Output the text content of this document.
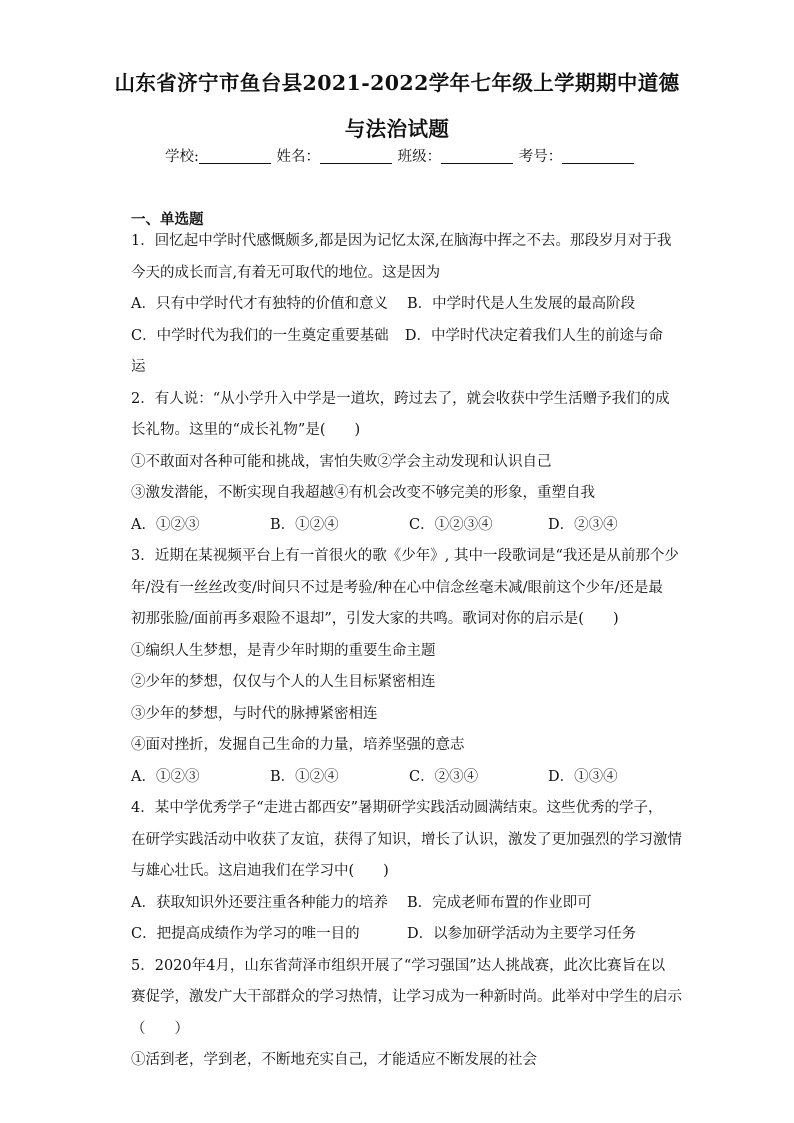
山东省济宁市鱼台县2021-2022学年七年级上学期期中道德
与法治试题
学校:	姓名：	班级：	考号：
一、单选题
1．回忆起中学时代感慨颇多,都是因为记忆太深,在脑海中挥之不去。那段岁月对于我
今天的成长而言,有着无可取代的地位。这是因为
A．只有中学时代才有独特的价值和意义	B．中学时代是人生发展的最高阶段
C．中学时代为我们的一生奠定重要基础	D．中学时代决定着我们人生的前途与命
运
2．有人说：“从小学升入中学是一道坎，跨过去了，就会收获中学生活赠予我们的成
长礼物。这里的“成长礼物”是(　　)
①不敢面对各种可能和挑战，害怕失败②学会主动发现和认识自己
③激发潜能，不断实现自我超越④有机会改变不够完美的形象，重塑自我
A．①②③	B．①②④	C．①②③④	D．②③④
3．近期在某视频平台上有一首很火的歌《少年》, 其中一段歌词是“我还是从前那个少
年/没有一丝丝改变/时间只不过是考验/种在心中信念丝毫未减/眼前这个少年/还是最
初那张脸/面前再多艰险不退却”，引发大家的共鸣。歌词对你的启示是(　　)
①编织人生梦想，是青少年时期的重要生命主题
②少年的梦想，仅仅与个人的人生目标紧密相连
③少年的梦想，与时代的脉搏紧密相连
④面对挫折，发掘自己生命的力量，培养坚强的意志
A．①②③	B．①②④	C．②③④	D．①③④
4．某中学优秀学子“走进古都西安”暑期研学实践活动圆满结束。这些优秀的学子，
在研学实践活动中收获了友谊，获得了知识，增长了认识，激发了更加强烈的学习激情
与雄心壮氏。这启迪我们在学习中(　　)
A．获取知识外还要注重各种能力的培养	B．完成老师布置的作业即可
C．把提高成绩作为学习的唯一目的	D．以参加研学活动为主要学习任务
5．2020年4月，山东省菏泽市组织开展了“学习强国”达人挑战赛，此次比赛旨在以
赛促学，激发广大干部群众的学习热情，让学习成为一种新时尚。此举对中学生的启示
（　　）
①活到老，学到老，不断地充实自己，才能适应不断发展的社会
